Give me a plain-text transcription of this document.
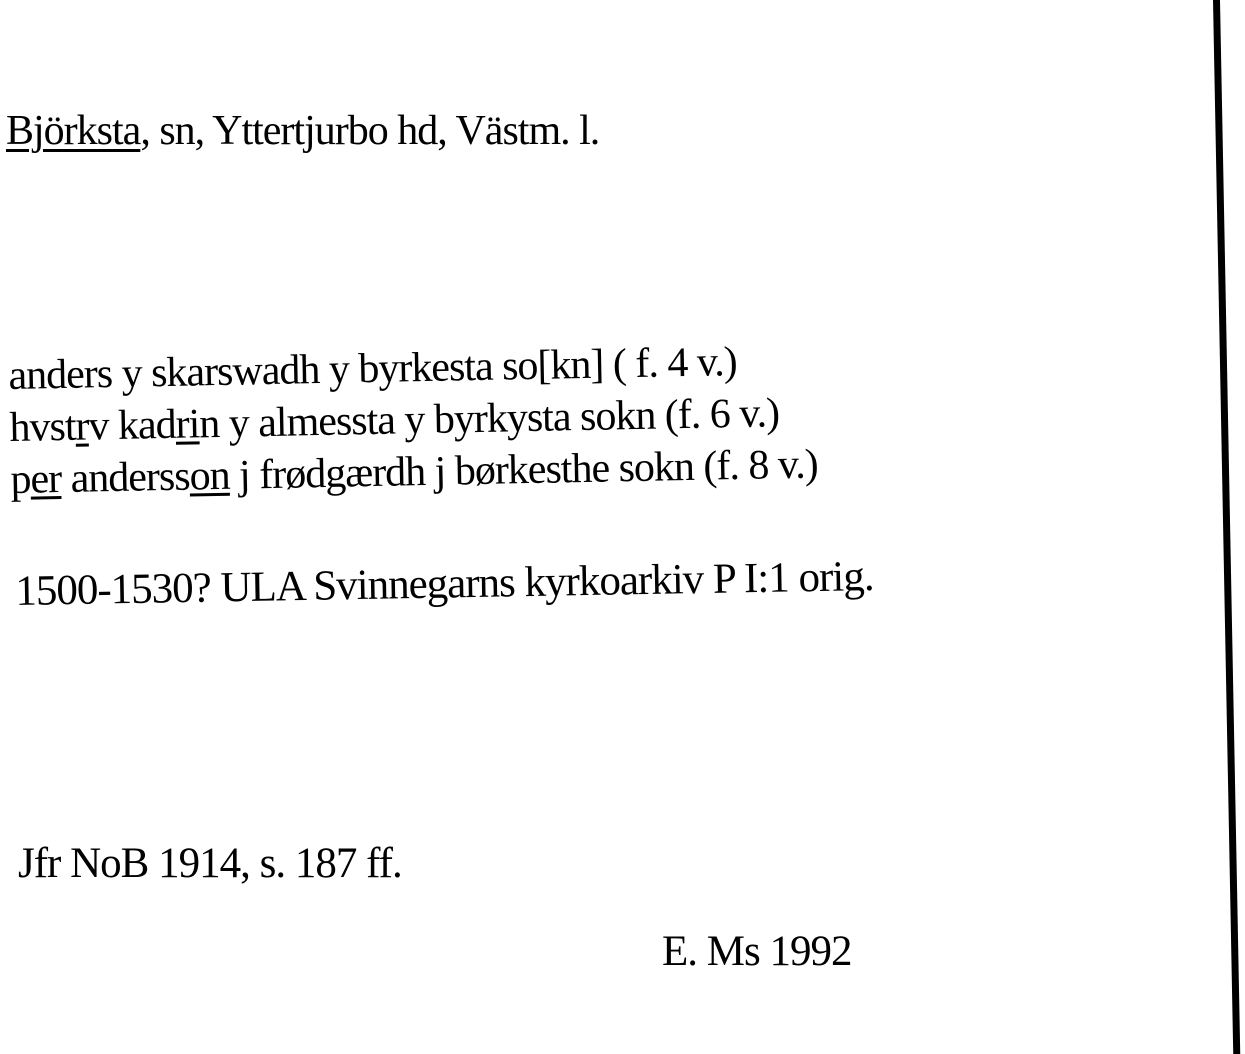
Björksta, sn, Yttertjurbo hd, Västm. l.
anders y skarswadh y byrkesta so[kn] ( f. 4 v.)
hvstrv kadrin y almessta y byrkysta sokn (f. 6 v.)
per andersson j frødgærdh j børkesthe sokn (f. 8 v.)
1500-1530? ULA Svinnegarns kyrkoarkiv P I:1 orig.
Jfr NoB 1914, s. 187 ff.
E. Ms 1992
